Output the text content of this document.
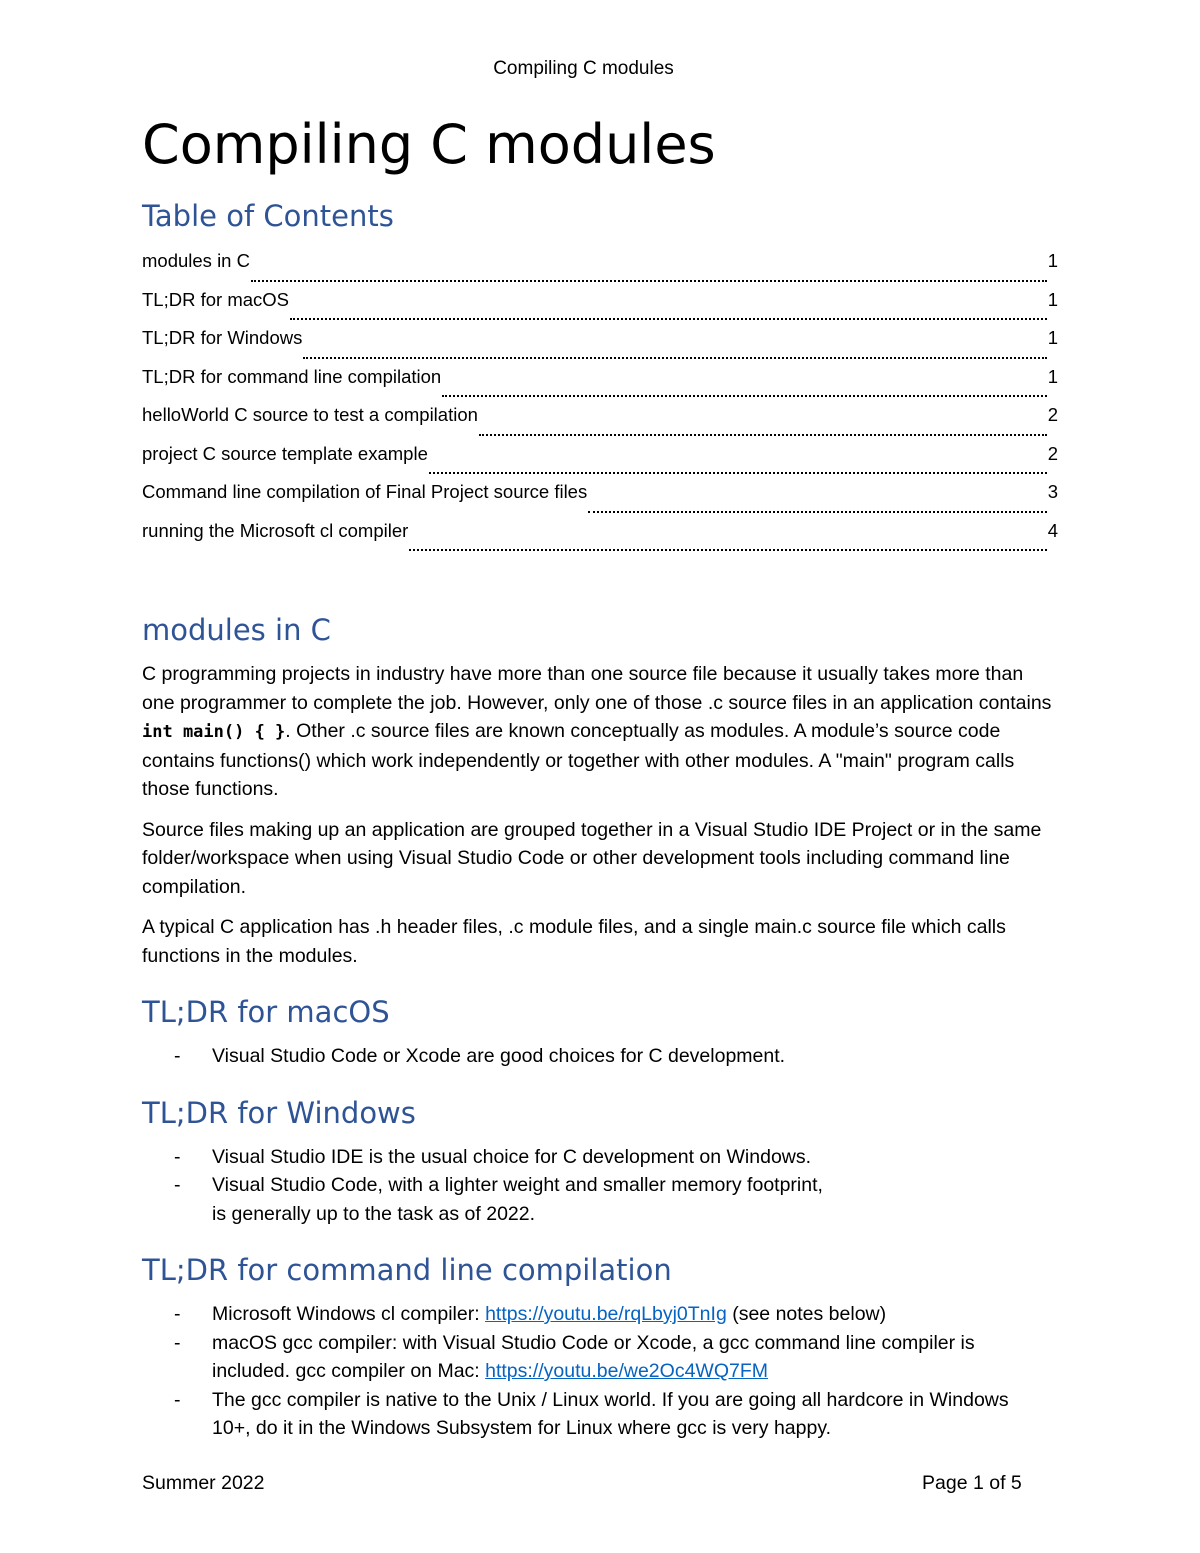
Compiling C modules
Compiling C modules
Table of Contents
modules in C	1
TL;DR for macOS	1
TL;DR for Windows	1
TL;DR for command line compilation	1
helloWorld C source to test a compilation	2
project C source template example	2
Command line compilation of Final Project source files	3
running the Microsoft cl compiler	4
modules in C

C programming projects in industry have more than one source file because it usually takes more than one programmer to complete the job. However, only one of those .c source files in an application contains int main() { }. Other .c source files are known conceptually as modules. A module’s source code contains functions() which work independently or together with other modules. A "main" program calls those functions.

Source files making up an application are grouped together in a Visual Studio IDE Project or in the same folder/workspace when using Visual Studio Code or other development tools including command line compilation.

A typical C application has .h header files, .c module files, and a single main.c source file which calls functions in the modules.

TL;DR for macOS
- Visual Studio Code or Xcode are good choices for C development.
TL;DR for Windows
- Visual Studio IDE is the usual choice for C development on Windows.
- Visual Studio Code, with a lighter weight and smaller memory footprint,
is generally up to the task as of 2022.
TL;DR for command line compilation
- Microsoft Windows cl compiler: https://youtu.be/rqLbyj0TnIg (see notes below)
- macOS gcc compiler: with Visual Studio Code or Xcode, a gcc command line compiler is included. gcc compiler on Mac: https://youtu.be/we2Oc4WQ7FM
- The gcc compiler is native to the Unix / Linux world. If you are going all hardcore in Windows 10+, do it in the Windows Subsystem for Linux where gcc is very happy.
Summer 2022	Page 1 of 5
